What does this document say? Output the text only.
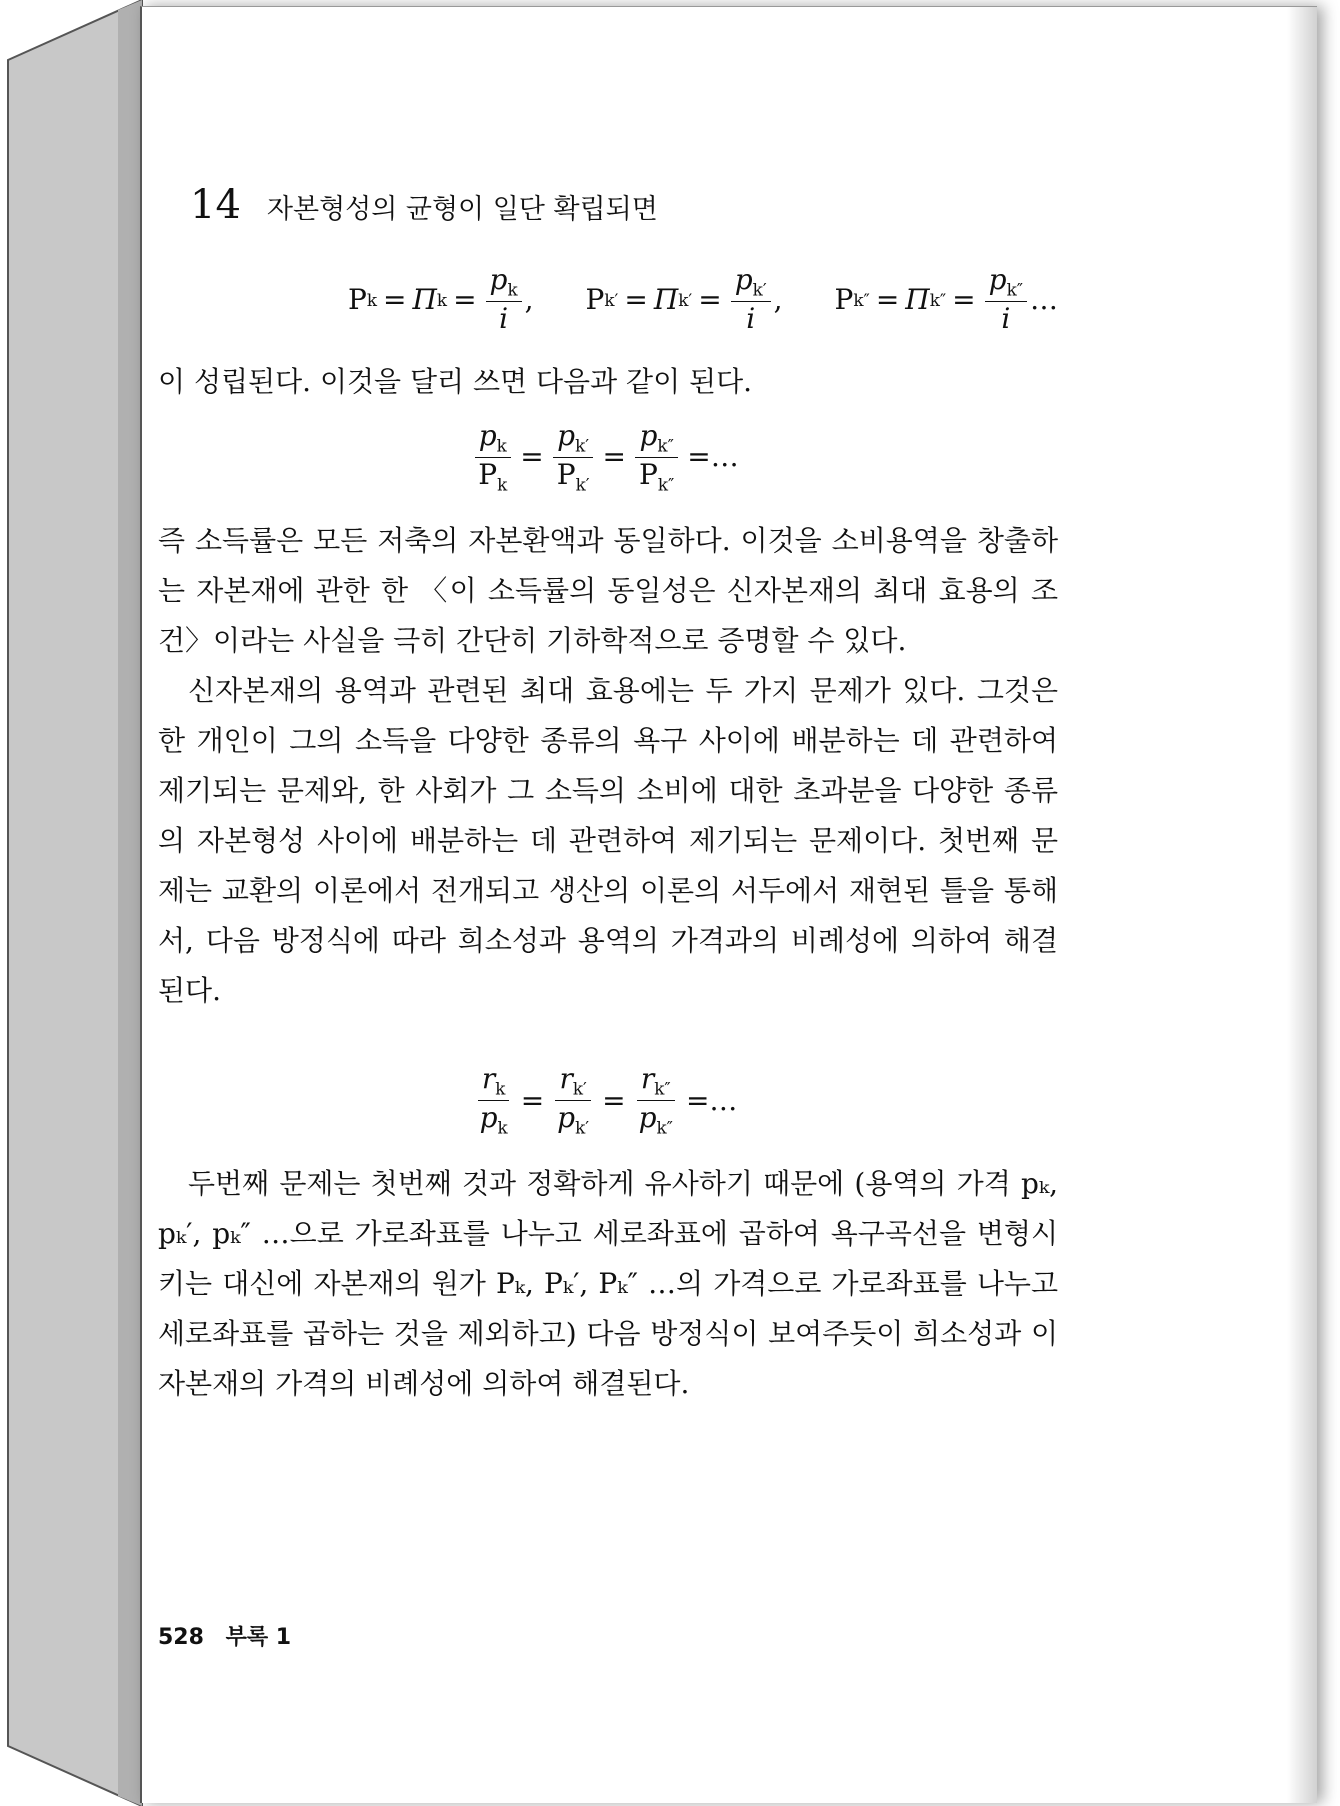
14 자본형성의 균형이 일단 확립되면
P k = Π $k = \frac{p_k}{i}$ , P k′ = Π $k' = \frac{p_{k'}}{i}$ , P k″ = Π $k'' = \frac{p_{k''}}{i}$ …

이 성립된다. 이것을 달리 쓰면 다음과 같이 된다.

$\frac{p_k}{P_k} = \frac{p_{k'}}{P_{k'}} = \frac{p_{k''}}{P_{k''}}$ =…

즉 소득률은 모든 저축의 자본환액과 동일하다. 이것을 소비용역을 창출하는 자본재에 관한 한 〈이 소득률의 동일성은 신자본재의 최대 효용의 조건〉이라는 사실을 극히 간단히 기하학적으로 증명할 수 있다.

신자본재의 용역과 관련된 최대 효용에는 두 가지 문제가 있다. 그것은 한 개인이 그의 소득을 다양한 종류의 욕구 사이에 배분하는 데 관련하여 제기되는 문제와, 한 사회가 그 소득의 소비에 대한 초과분을 다양한 종류의 자본형성 사이에 배분하는 데 관련하여 제기되는 문제이다. 첫번째 문제는 교환의 이론에서 전개되고 생산의 이론의 서두에서 재현된 틀을 통해서, 다음 방정식에 따라 희소성과 용역의 가격과의 비례성에 의하여 해결된다.

$\frac{r_k}{p_k} = \frac{r_{k'}}{p_{k'}} = \frac{r_{k''}}{p_{k''}}$ =…

두번째 문제는 첫번째 것과 정확하게 유사하기 때문에 (용역의 가격 pₖ, pₖ′, pₖ″ …으로 가로좌표를 나누고 세로좌표에 곱하여 욕구곡선을 변형시키는 대신에 자본재의 원가 Pₖ, Pₖ′, Pₖ″ …의 가격으로 가로좌표를 나누고 세로좌표를 곱하는 것을 제외하고) 다음 방정식이 보여주듯이 희소성과 이 자본재의 가격의 비례성에 의하여 해결된다.

528 부록 1
